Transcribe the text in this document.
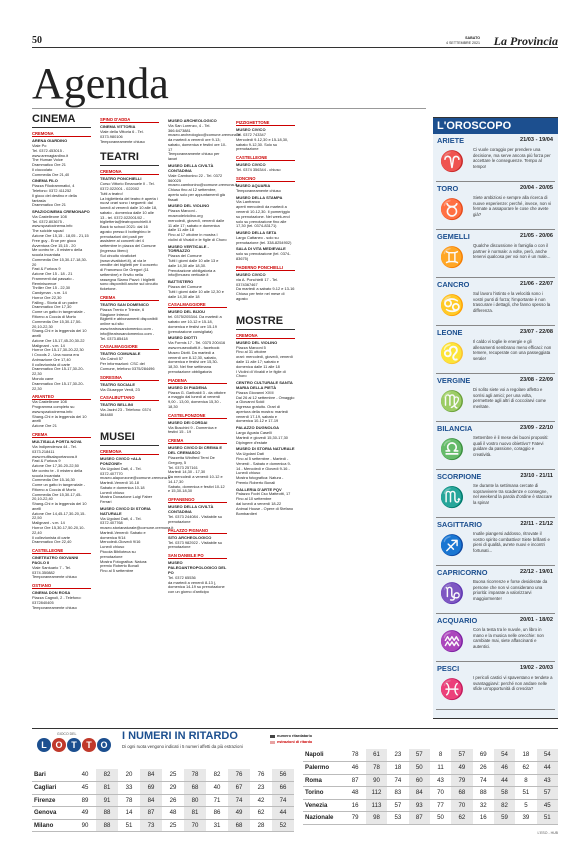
50	SABATO
4 SETTEMBRE 2021 La Provincia
Agenda
CINEMA
CREMONA
ARENA GIARDINO
Viale Po
Tel. 0372.453015 - www.arenagiardino.it
The Human Voice
Drammatico Ore 21
Il cioccolato
Commedia Ore 21,40
CINEMA FILO
Piazza Filodrammatici, 4 Telefono: 0372 411252
Il gioco del destino e della fantasia
Drammatico Ore 21
SPAZIOCINEMA CREMONAPO
Via Castelleone 108
Tel. 0372.803675 - www.spaziocinema.info
The suicide squad
Azione Ore 15,15 - 18,05 - 21,15
Free guy - Eroe per gioco
Avventura Ore 15,15 - 20
Me contro te - Il mistero della scuola incantata
Commedia Ore 15,30-17-18,30-20
Fast & Furious 9
Azione Ore 15 - 18 - 21
Frammenti dal passato - Reminiscence
Thriller Ore 15 - 22,30
Candyman - v.m. 14
Horror Ore 22,30
Falling - Storia di un padre
Drammatico Ore 17,30
Come un gatto in tangenziale - Ritorno a Coccia di Morto
Commedia Ore 15,30-17,50-20,10-22,30
Shang-Chi e la leggenda dei 10 anelli
Azione Ore 15-17,45-20,30-22
Malignant - v.m. 14
Horror Ore 15-17,30-20-22,30
I Croods 2 - Una nuova era
Animazione Ore 17,40
Il collezionista di carte
Drammatico Ore 15-17,30-20-22,30
Mondo cane
Drammatico Ore 15-17,30-20-22,30
ARIANTEO
Via Castelleone 108
Programma completo su
www.spaziocinema.info
Shang-Chi e la leggenda dei 10 anelli
Azione Ore 21
CREMA
MULTISALA PORTA NOVA
Via Indipendenza 44 - Tel. 0373.218411
www.multisalaportanova.it
Fast & Furious 9
Azione Ore 17,30-20-22,50
Me contro te - Il mistero della scuola incantata
Commedia Ore 15-16,30
Come un gatto in tangenziale - Ritorno a Coccia di Morto
Commedia Ore 15,30-17,45-20,10-22,40
Shang-Chi e la leggenda dei 10 anelli
Azione Ore 14,45-17,30-20,15-22,50
Malignant - v.m. 14
Horror Ore 15,30-17,50-20,10-22,40
Il collezionista di carte
Drammatico Ore 22,40
CASTELLEONE
CINETEATRO GIOVANNI PAOLO II
Viale Santuario 7 - Tel. 0374.350882
Temporaneamente chiuso
OSTIANO
CINEMA DON ROSA
Piazza Cagnoli, 2 - Telefono: 0372840405
Temporaneamente chiuso
SPINO D'ADDA
CINEMA VITTORIA
Viale della Vittoria 6 - Tel. 0373.980106
Temporaneamente chiuso
TEATRI
CREMONA
TEATRO PONCHIELLI
Corso Vittorio Emanuele II - Tel. 0372.022001 - 022002
Tutti a teatro!
La biglietteria del teatro è aperta i nuovi orari sono i seguenti: dal lunedì al venerdì dalle 10 alle 18, sabato - domenica dalle 10 alle 13 - tel. 0372.022001/02 - biglietteria@teatroponchielli.it
Back to school 2021: dal 16 agosto presso il botteghino le prenotazioni dei posti per assistere ai concerti del 4 settembre in piazza del Comune (ingresso libero)
Sul circuito vivaticket (www.vivaticket.it), al via le vendite dei biglietti per il concerto di Francesco De Gregori (11 settembre) e l'invito nella rassegna Siamo Pazzi: i biglietti sono disponibili anche sul circuito ticketone.
CREMA
TEATRO SAN DOMENICO
Piazza Trento e Trieste, 6
Stagione Intrecci
Biglietti e abbonamenti disponibili online sul sito www.teatrosandomenico.com - info@teatrosandomenico.com - Tel. 0373.85418
CASALMAGGIORE
TEATRO COMUNALE
Via Cairoli 57
Per informazioni: CSC del Comune, telefono 0375/284496
SORESINA
TEATRO SOCIALE
Via Giuseppe Verdi, 23
CASALBUTTANO
TEATRO BELLINI
Via Jacini 23 - Telefono: 0374 364480
MUSEI
CREMONA
MUSEO CIVICO «ALA PONZONE»
Via Ugolani Dati, 4 - Tel. 0372.407770
museo.alaponzone@comune.cremona.it
Martedì-Venerdì 10-18
Sabato e domenica 10-18
Lunedì chiuso
Mostra Donazione Luigi Faber Ferrari
MUSEO CIVICO DI STORIA NATURALE
Via Ugolani Dati, 4 - Tel. 0372.407768
museo.storianaturale@comune.cremona.it
Martedì-Venerdì: Sabato e domenica 9/14
Mercoledì-Giovedì 9/16
Lunedì chiuso
Piccola Biblioteca su prenotazione
Mostra Fotografica: Natura: premio Roberto Bonali
Fino al 5 settembre
MUSEO ARCHEOLOGICO
Via San Lorenzo, 4 - Tel. 366.6473881
museo.archeologico@comune.cremona.it
da martedì a venerdì ore 9-13; sabato, domenica e festivi ore 10-17
Temporaneamente chiuso per lavori
MUSEO DELLA CIVILTÀ CONTADINA
Viale Cambonino 22 - Tel. 0372 560025
museo.cambonino@comune.cremona.it
Chiuso fino al 12 settembre, aperto solo per appuntamenti già fissati
MUSEO DEL VIOLINO
Piazza Marconi - museodelviolino.org
mercoledì, giovedì, venerdì dalle 11 alle 17; sabato e domenica dalle 11 alle 18
Fino al 17 ottobre in mostra I violini di Vivaldi e le figlie di Choro
MUSEO VERTICALE - TORRAZZO
Piazza del Comune
Tutti i giorni dalle 10 alle 13 e dalle 14,30 alle 18,30. Prenotazione obbligatoria a info@museo verticale.it
BATTISTERO
Piazza del Comune
Tutti i giorni dalle 10 alle 12,30 e dalle 14,30 alle 18
CASALMAGGIORE
MUSEO DEL BIJOU
tel. 0375/205344. Da martedì a sabato ore 10-12 e 15-18, domenica e festivi ore 15-19 (prenotazione consigliata)
MUSEO DIOTTI
Via Formis 17 - Tel. 0375 200416
www.museodiotti.it - facebook Museo Diotti. Da martedì a venerdì ore 8-12,30, sabato, domenica e festivi ore 15,30-18,30. Nel fine settimana prenotazione obbligatoria
PIADENA
MUSEO DI PIADENA
Piazza G. Garibaldi 3 - da ottobre a maggio dal lunedì al venerdì 9,00 - 13,00, domenica 15,30 - 18,30
CASTELPONZONE
MUSEO DEI CORDAI
Via Buschini 9 - Domenica e festivi 15 - 19
CREMA
MUSEO CIVICO DI CREMA E DEL CREMASCO
Piazzetta Winifred Terni De Gregory, 5
Tel. 0373 257161
Martedì 14,30 - 17,30
Da mercoledì a venerdì 10-12 e 14-17,30
Sabato, domenica e festivi 10-12 e 15,30-18,30
OFFANENGO
MUSEO DELLA CIVILTÀ CONTADINA
Tel. 0373 244084 - Visitabile su prenotazione
PALAZZO PIGNANO
SITO ARCHEOLOGICO
Tel. 0373 982922 - Visitabile su prenotazione
SAN DANIELE PO
MUSEO PALEOANTROPOLOGICO DEL PO
Tel. 0372 65536
da martedì a venerdì 8-13 (, domenica 14-19 su prenotazione con un giorno d'anticipo
PIZZIGHETTONE
MUSEO CIVICO
Tel. 0372 743347
Mercoledì 9-12,30 e 15-18,30, sabato 9-12,30. Solo su prenotazione
CASTELLEONE
MUSEO CIVICO
Tel. 0374 356344 - chiuso
SONCINO
MUSEO AQUARIA
Temporaneamente chiuso
MUSEO DELLA STAMPA
Via Lanfranco
aperti mercoledì da martedì a venerdì 10-12,30. Il pomeriggio su prenotazione. Nel week-end solo su prenotazione fino alle 17,30 (tel. 0374-83171)
MUSEO DELLA SETA
Largo Cattaneo - solo su prenotazione (tel. 338-8254902)
SALA DI VITA MEDIEVALE
solo su prenotazione (tel. 0374-83675)
PADERNO PONCHIELLI
MUSEO CIVICO
via A. Ponchielli 17 - Tel. 0374367467
Da martedì a sabato 9-12 e 13-16
Chiuso per ferie nel mese di agosto
MOSTRE
CREMONA
MUSEO DEL VIOLINO
Piazza Marconi 5
Fino al 31 ottobre
orari: mercoledì, giovedì, venerdì dalle 11 alle 17; sabato e domenica dalle 11 alle 18
I Violini di Vivaldi e le figlie di Choro
CENTRO CULTURALE SANTA MARIA DELLA PIETÀ
Piazza Giovanni XXIII
Dal 26 al 12 settembre - Omaggio a Giovanni Soldi
Ingresso gratuito. Orari di apertura della mostra: martedì venerdì 17-19, sabato e domenica 10-12 e 17-19
PALAZZO DUGNOLGA
Largo Agusta Caselli
Martedì e giovedì 15,30-17,30
Dipingere d'estate
MUSEO DI STORIA NATURALE
Via Ugolani Dati
Fino al 5 settembre - Martedì - Venerdì - Sabato e domenica 9-14 - Mercoledì e Giovedì 9-16 - Lunedì chiuso
Mostra fotografica: Natura - Premio Roberto Bonali
GALLERIA D'ARTE PQV
Palazzo Fodri Cso Matteotti, 17
Fino al 10 settembre
dal lunedì a venerdì 18-22
Animal House - Opere di Stefano Bombardieri
L'OROSCOPO
ARIETE	21/03 - 19/04
♈
Ci vuole coraggio per prendere una decisione, ma serve ancora più forza per accettare le conseguenze. Tempo al tempo!
TORO	20/04 - 20/05
♉
Siete ambiziosi e sempre alla ricerca di nuove esperienze: perché, invece, non vi fermate a assaporare le cose che avete già?
GEMELLI	21/05 - 20/06
♊
Qualche discussione in famiglia o con il partner è normale: a volte, però, anche tenervi qualcosa per voi non è un male...
CANCRO	21/06 - 22/07
♋
Sul lavoro l'istinto e la velocità sono i vostri punti di forza; l'importante è non trascurare i dettagli, che fanno spesso la differenza.
LEONE	23/07 - 22/08
♌
Il caldo vi toglie le energie e gli allenamenti sembrano meno efficaci: non temere, recuperate con una passeggiata serale!
VERGINE	23/08 - 22/09
♍
Di solito siete voi a regolare affetto e sorrisi agli amici; per una volta, permettete agli altri di coccolarvi come meritate.
BILANCIA	23/09 - 22/10
♎
Settembre è il mese dei buoni propositi: quali il vostro nuovo obiettivo? Fatevi guidare da passione, coraggio e creatività.
SCORPIONE	23/10 - 21/11
♏
Se durante la settimana cercate di sopravvivere tra scadenze e consegne, nel weekend la parola d'ordine è staccare la spina!
SAGITTARIO	22/11 - 21/12
♐
Inutile piangersi addosso, ritrovate il vostro spirito combattivo! Siete brillanti e pieni di qualità, avrete nuovi e incontri fortunati...
CAPRICORNO	22/12 - 19/01
♑
Buona ricorrenze e forse desiderate da persone che non vi considerano una priorità: imparate a valorizzarvi maggiormente!
ACQUARIO	20/01 - 18/02
♒
Con la testa tra le nuvole, un libro in mano e la musica nelle orecchie: non cambiate mai, siete affascinanti e autentici.
PESCI	19/02 - 20/03
♓
I pericoli castici vi spaventano e tendete a svantaggiarvi: perché non andare nelle sfide un'opportunità di crescita?
GIOCO DEL
L O T	T O
I NUMERI IN RITARDO
Di ogni ruota vengono indicati i 5 numeri affetti da più estrazioni
numero ritardatario
estrazioni di ritardo
Bari	40	82	20	84	25	78	82	76	76	56
Cagliari	45	81	33	69	29	68	40	67	23	66
Firenze	89	91	78	84	26	80	71	74	42	74
Genova	49	88	14	87	48	81	86	49	62	44
Milano	90	88	51	73	25	70	31	68	28	52
Napoli	78	61	23	57	8	57	69	54	18	54
Palermo	46	78	18	50	11	49	26	46	62	44
Roma	87	90	74	60	43	79	74	44	8	43
Torino	48	112	83	84	70	68	88	58	51	57
Venezia	16	113	57	93	77	70	32	82	5	45
Nazionale	79	98	53	87	50	62	16	59	39	51
L'ESO - HUB
